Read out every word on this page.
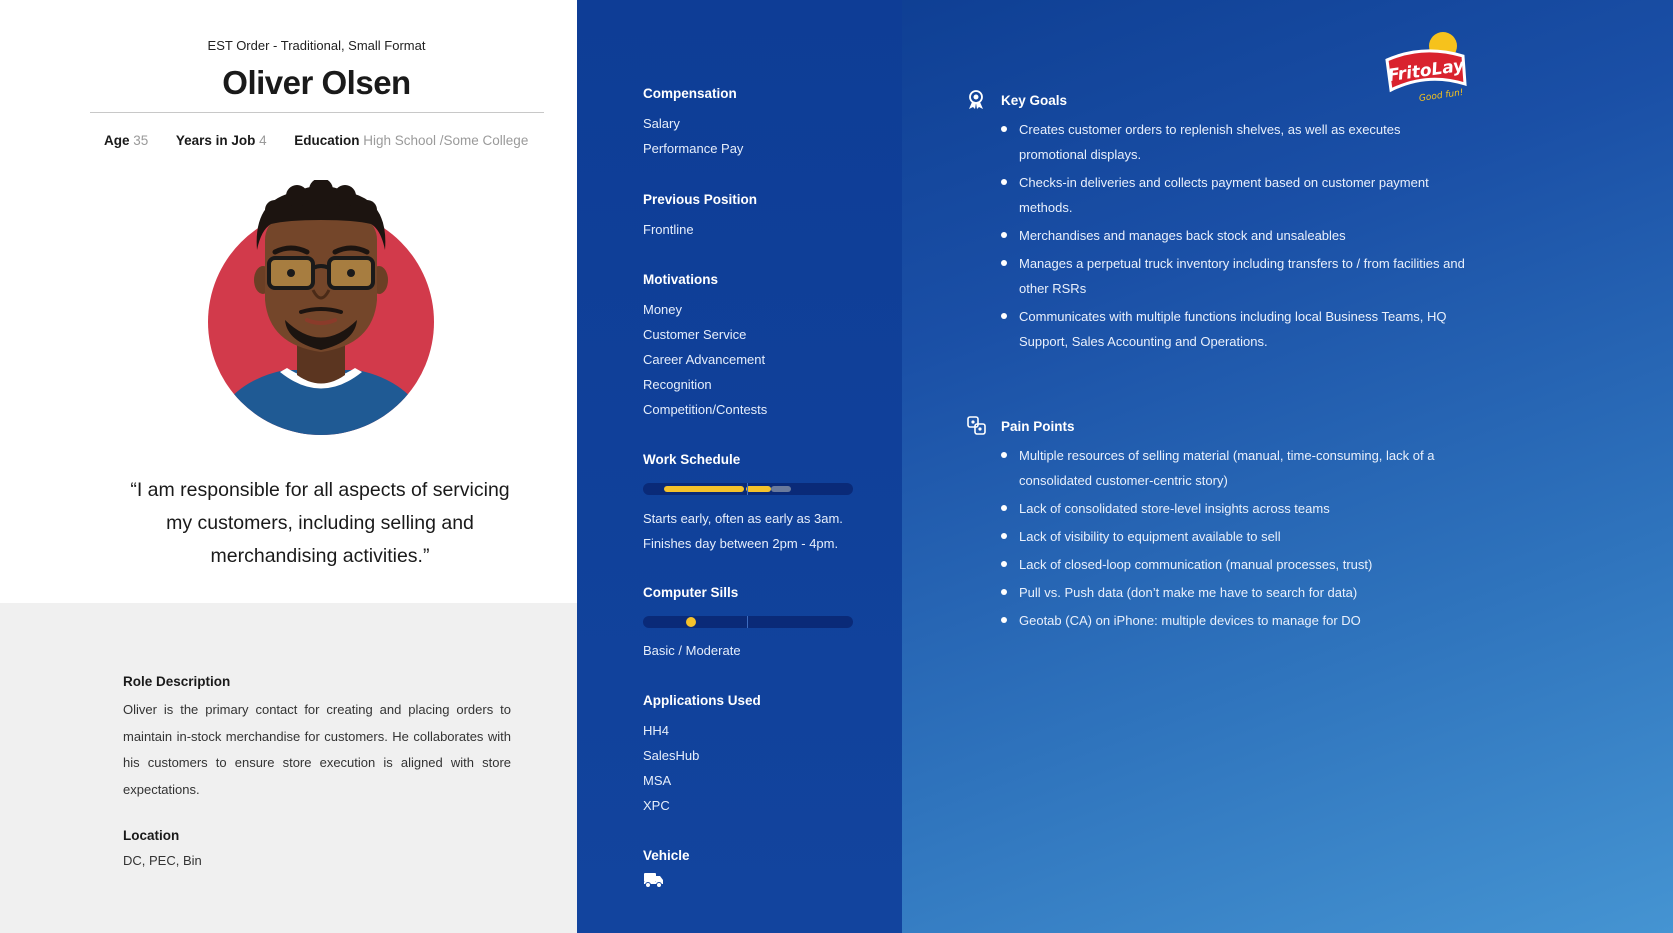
EST Order - Traditional, Small Format
Oliver Olsen
Age 35 Years in Job 4 Education High School /Some College
“I am responsible for all aspects of servicing my customers, including selling and merchandising activities.”
Role Description
Oliver is the primary contact for creating and placing orders to maintain in-stock merchandise for customers. He collaborates with his customers to ensure store execution is aligned with store expectations.
Location
DC, PEC, Bin
Compensation
Salary
Performance Pay
Previous Position
Frontline
Motivations
Money
Customer Service
Career Advancement
Recognition
Competition/Contests
Work Schedule
Starts early, often as early as 3am.
Finishes day between 2pm - 4pm.
Computer Sills
Basic / Moderate
Applications Used
HH4
SalesHub
MSA
XPC
Vehicle
Key Goals
Creates customer orders to replenish shelves, as well as executes promotional displays.
Checks-in deliveries and collects payment based on customer payment methods.
Merchandises and manages back stock and unsaleables
Manages a perpetual truck inventory including transfers to / from facilities and other RSRs
Communicates with multiple functions including local Business Teams, HQ Support, Sales Accounting and Operations.
Pain Points
Multiple resources of selling material (manual, time-consuming, lack of a consolidated customer-centric story)
Lack of consolidated store-level insights across teams
Lack of visibility to equipment available to sell
Lack of closed-loop communication (manual processes, trust)
Pull vs. Push data (don’t make me have to search for data)
Geotab (CA) on iPhone: multiple devices to manage for DO
FritoLay
Good fun!
